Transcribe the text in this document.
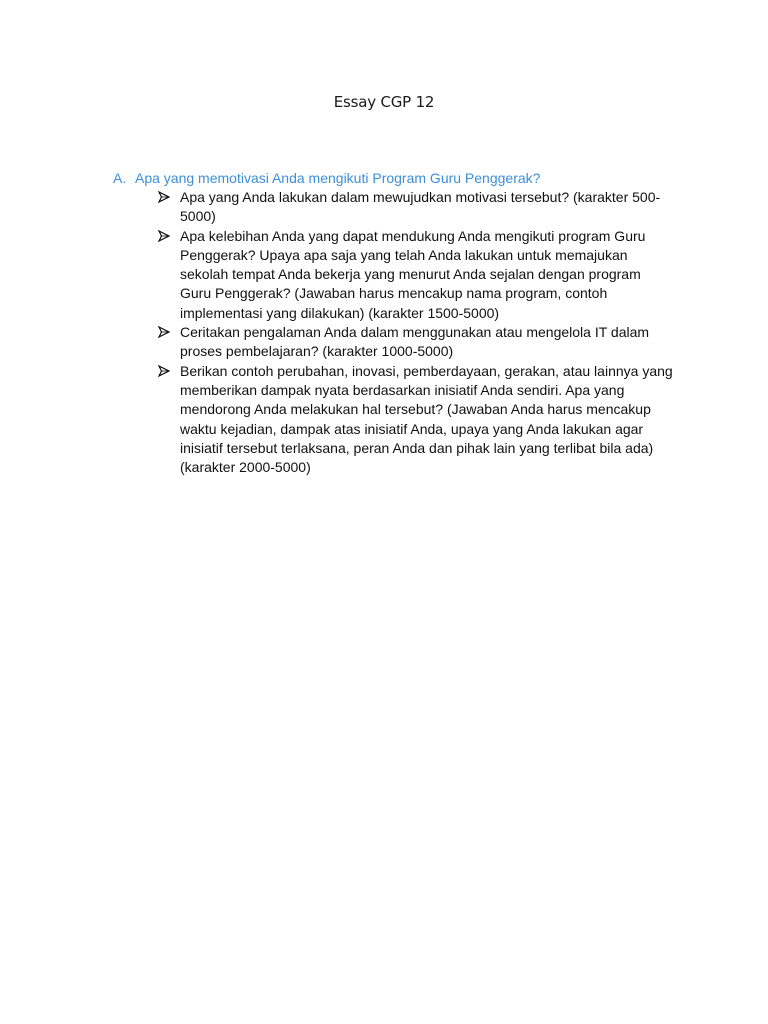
Essay CGP 12
A. Apa yang memotivasi Anda mengikuti Program Guru Penggerak?
Apa yang Anda lakukan dalam mewujudkan motivasi tersebut? (karakter 500-
5000)
Apa kelebihan Anda yang dapat mendukung Anda mengikuti program Guru
Penggerak? Upaya apa saja yang telah Anda lakukan untuk memajukan
sekolah tempat Anda bekerja yang menurut Anda sejalan dengan program
Guru Penggerak? (Jawaban harus mencakup nama program, contoh
implementasi yang dilakukan) (karakter 1500-5000)
Ceritakan pengalaman Anda dalam menggunakan atau mengelola IT dalam
proses pembelajaran? (karakter 1000-5000)
Berikan contoh perubahan, inovasi, pemberdayaan, gerakan, atau lainnya yang
memberikan dampak nyata berdasarkan inisiatif Anda sendiri. Apa yang
mendorong Anda melakukan hal tersebut? (Jawaban Anda harus mencakup
waktu kejadian, dampak atas inisiatif Anda, upaya yang Anda lakukan agar
inisiatif tersebut terlaksana, peran Anda dan pihak lain yang terlibat bila ada)
(karakter 2000-5000)
